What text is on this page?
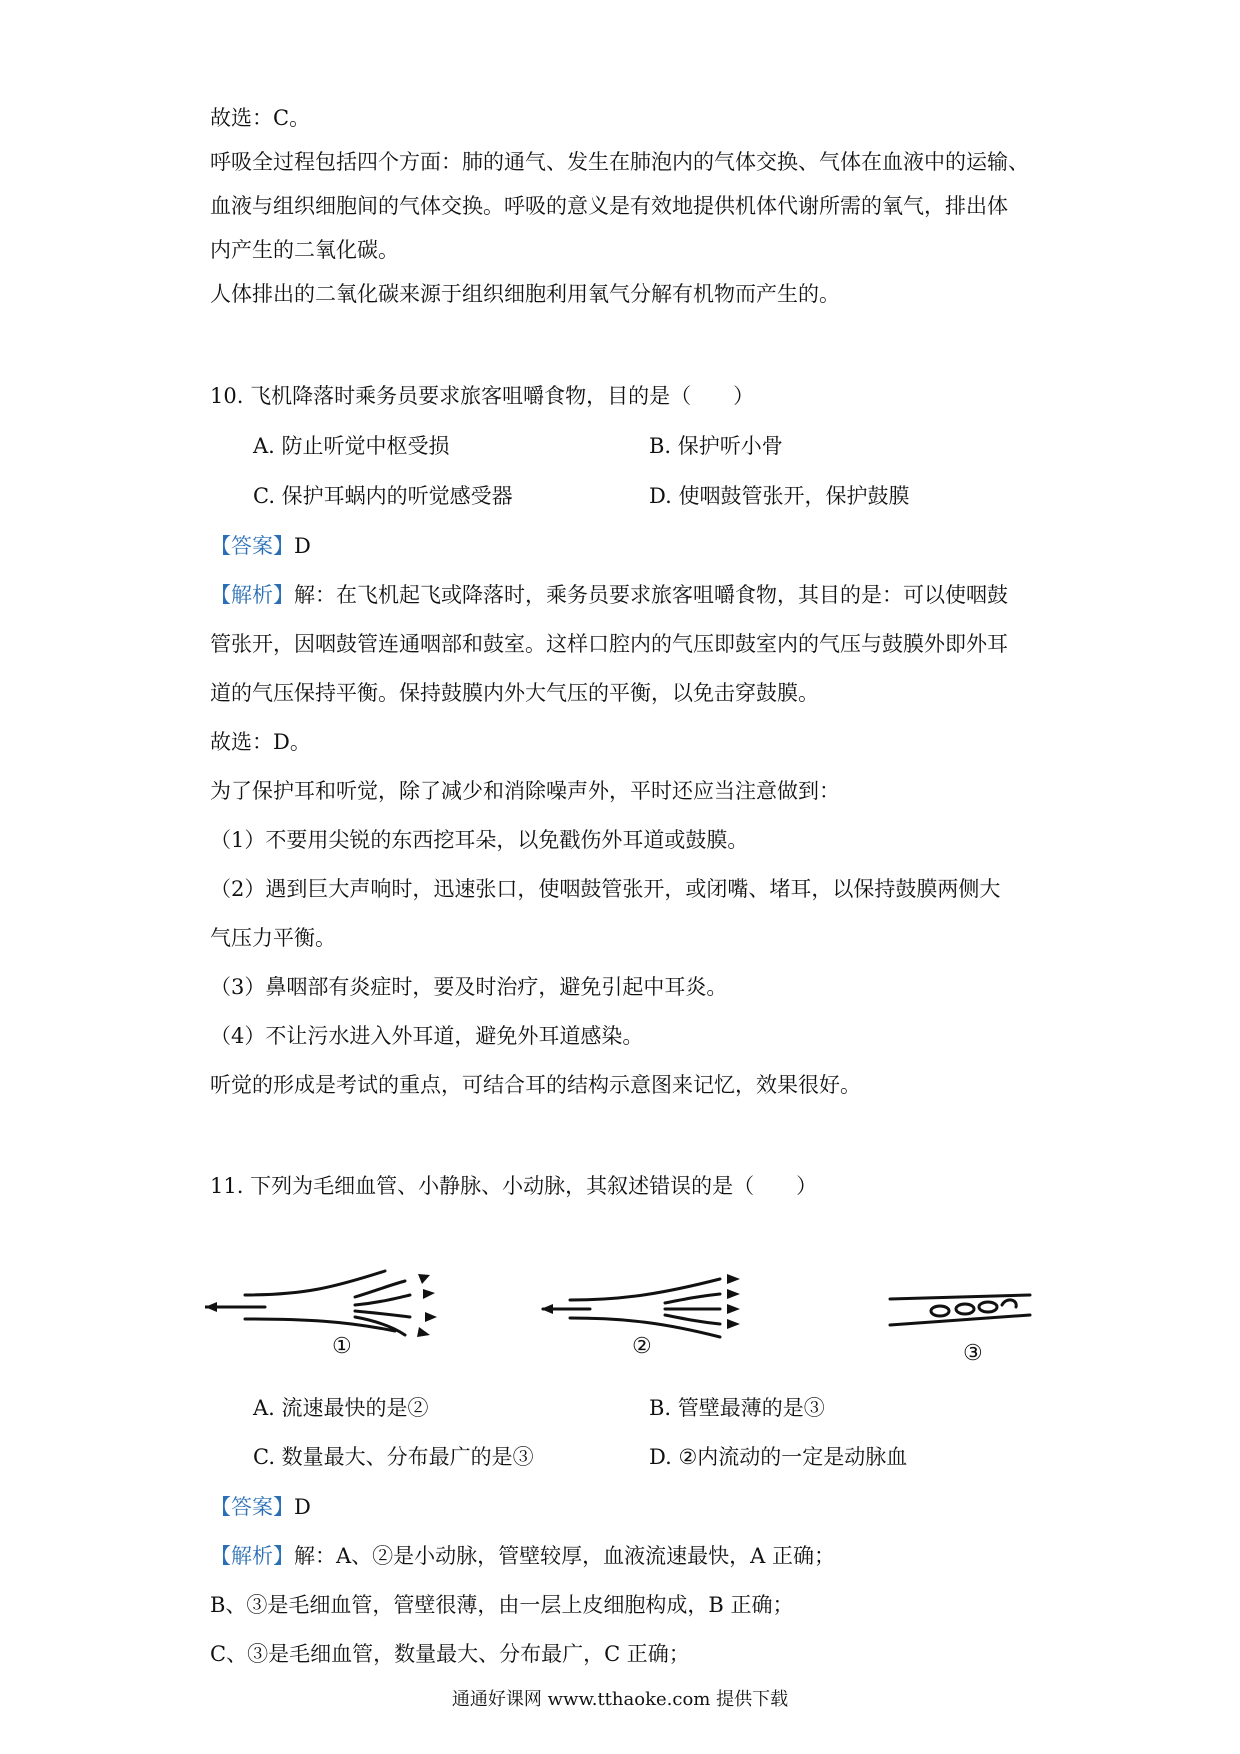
故选：C。
呼吸全过程包括四个方面：肺的通气、发生在肺泡内的气体交换、气体在血液中的运输、
血液与组织细胞间的气体交换。呼吸的意义是有效地提供机体代谢所需的氧气，排出体
内产生的二氧化碳。
人体排出的二氧化碳来源于组织细胞利用氧气分解有机物而产生的。
10. 飞机降落时乘务员要求旅客咀嚼食物，目的是（　　）
A. 防止听觉中枢受损	B. 保护听小骨
C. 保护耳蜗内的听觉感受器	D. 使咽鼓管张开，保护鼓膜
【答案】D
【解析】解：在飞机起飞或降落时，乘务员要求旅客咀嚼食物，其目的是：可以使咽鼓
管张开，因咽鼓管连通咽部和鼓室。这样口腔内的气压即鼓室内的气压与鼓膜外即外耳
道的气压保持平衡。保持鼓膜内外大气压的平衡，以免击穿鼓膜。
故选：D。
为了保护耳和听觉，除了减少和消除噪声外，平时还应当注意做到：
（1）不要用尖锐的东西挖耳朵，以免戳伤外耳道或鼓膜。
（2）遇到巨大声响时，迅速张口，使咽鼓管张开，或闭嘴、堵耳，以保持鼓膜两侧大
气压力平衡。
（3）鼻咽部有炎症时，要及时治疗，避免引起中耳炎。
（4）不让污水进入外耳道，避免外耳道感染。
听觉的形成是考试的重点，可结合耳的结构示意图来记忆，效果很好。
11. 下列为毛细血管、小静脉、小动脉，其叙述错误的是（　　）
①	②	③
A. 流速最快的是②	B. 管壁最薄的是③
C. 数量最大、分布最广的是③	D. ②内流动的一定是动脉血
【答案】D
【解析】解：A、②是小动脉，管壁较厚，血液流速最快，A 正确；
B、③是毛细血管，管壁很薄，由一层上皮细胞构成，B 正确；
C、③是毛细血管，数量最大、分布最广，C 正确；
通通好课网 www.tthaoke.com 提供下载
